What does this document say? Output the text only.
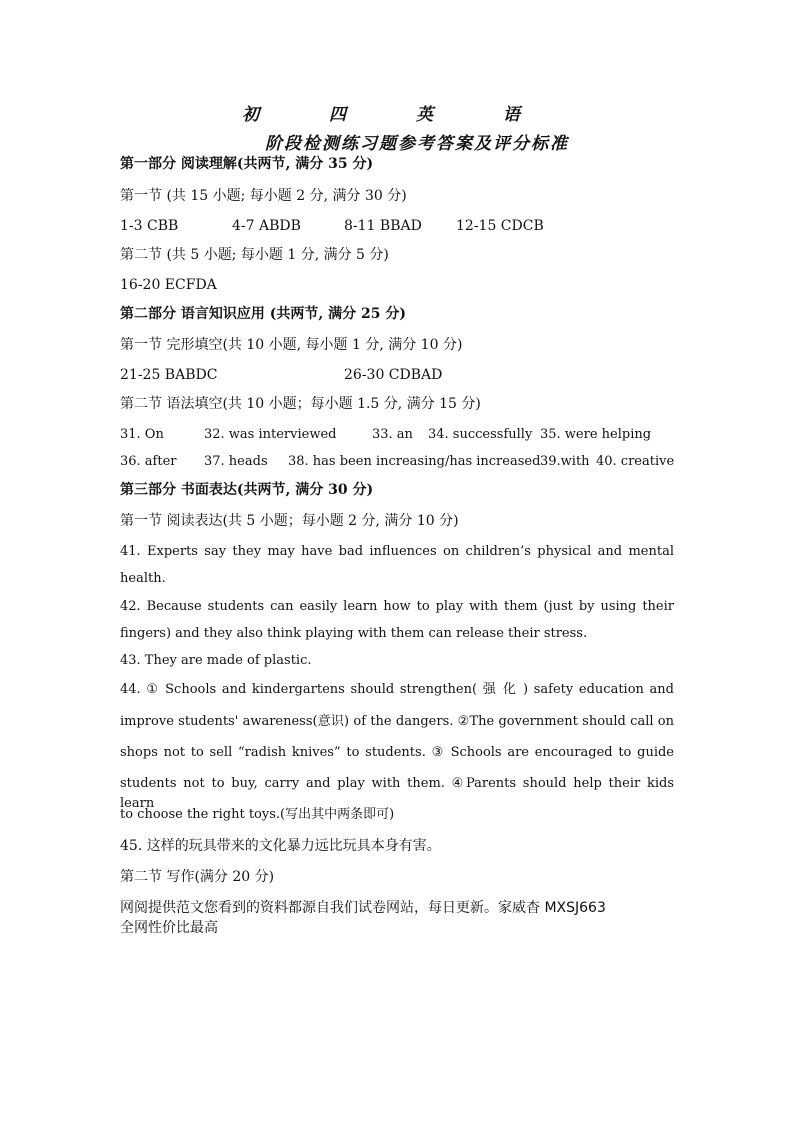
初 四 英 语
阶段检测练习题参考答案及评分标准
第一部分 阅读理解(共两节, 满分 35 分)
第一节 (共 15 小题; 每小题 2 分, 满分 30 分)
1-3 CBB	4-7 ABDB	8-11 BBAD 12-15 CDCB
第二节 (共 5 小题; 每小题 1 分, 满分 5 分)
16-20 ECFDA
第二部分 语言知识应用 (共两节, 满分 25 分)
第一节 完形填空(共 10 小题, 每小题 1 分, 满分 10 分)
21-25 BABDC	26-30 CDBAD
第二节 语法填空(共 10 小题；每小题 1.5 分, 满分 15 分)
31. On	32. was interviewed	33. an 34. successfully 35. were helping
36. after 37. heads 38. has been increasing/has increased 39.with 40. creative
第三部分 书面表达(共两节, 满分 30 分)
第一节 阅读表达(共 5 小题；每小题 2 分, 满分 10 分)
41. Experts say they may have bad influences on children’s physical and mental
health.
42. Because students can easily learn how to play with them (just by using their
fingers) and they also think playing with them can release their stress.
43. They are made of plastic.
44. ① Schools and kindergartens should strengthen( 强 化 ) safety education and
improve students' awareness(意识) of the dangers. ②The government should call on
shops not to sell “radish knives” to students. ③ Schools are encouraged to guide
students not to buy, carry and play with them. ④Parents should help their kids learn
to choose the right toys.(写出其中两条即可)
45. 这样的玩具带来的文化暴力远比玩具本身有害。
第二节 写作(满分 20 分)
网阅提供范文您看到的资料都源自我们试卷网站，每日更新。家威杳 MXSJ663
全网性价比最高
